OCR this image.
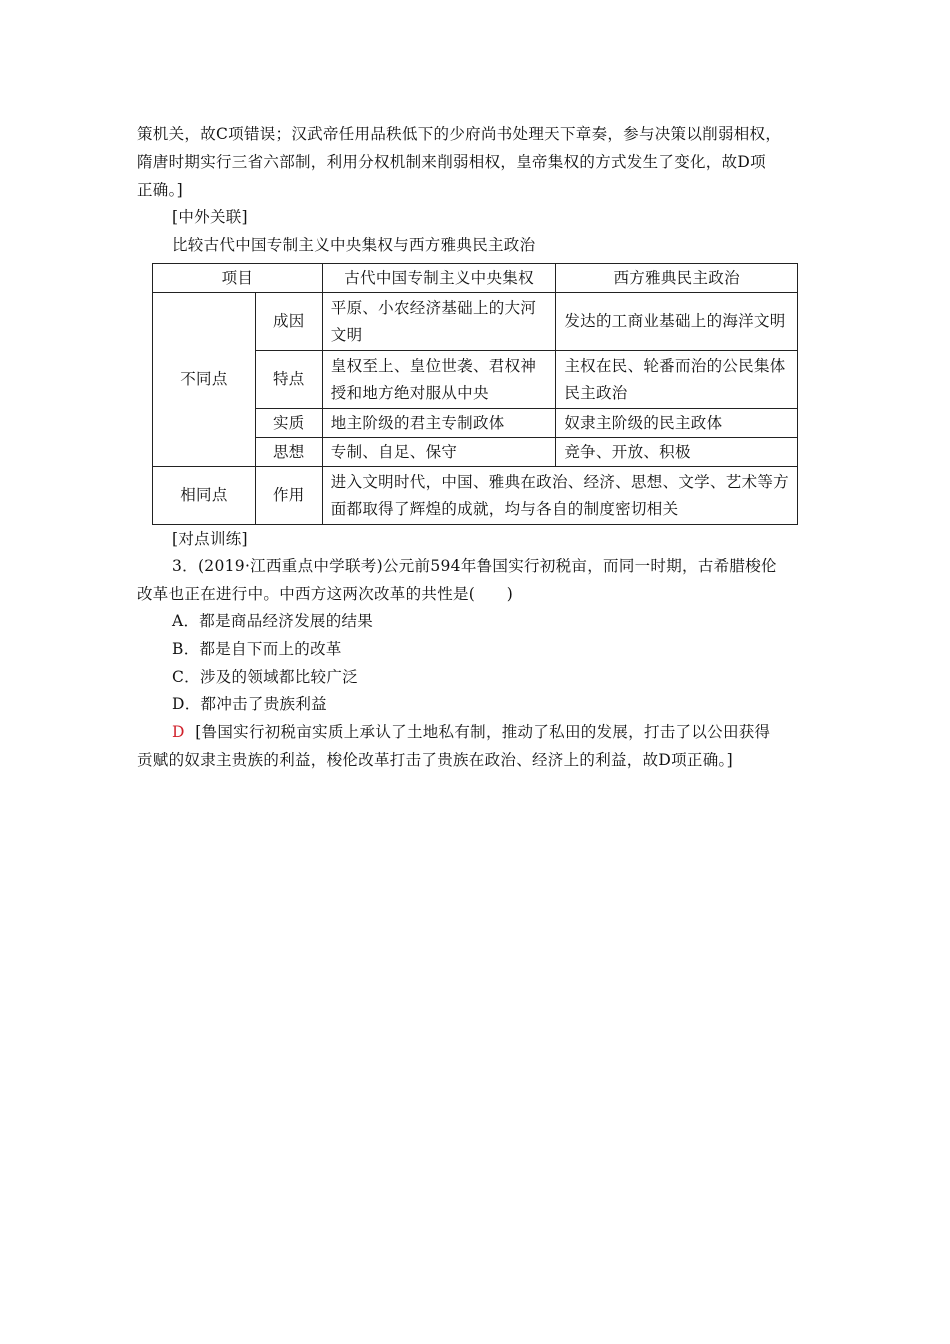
策机关，故C项错误；汉武帝任用品秩低下的少府尚书处理天下章奏，参与决策以削弱相权，
隋唐时期实行三省六部制，利用分权机制来削弱相权，皇帝集权的方式发生了变化，故D项
正确。]
[中外关联]
比较古代中国专制主义中央集权与西方雅典民主政治
项目		古代中国专制主义中央集权	西方雅典民主政治
不同点	成因	平原、小农经济基础上的大河文明	发达的工商业基础上的海洋文明
	特点	皇权至上、皇位世袭、君权神授和地方绝对服从中央	主权在民、轮番而治的公民集体民主政治
	实质	地主阶级的君主专制政体	奴隶主阶级的民主政体
	思想	专制、自足、保守	竞争、开放、积极
相同点	作用	进入文明时代，中国、雅典在政治、经济、思想、文学、艺术等方面都取得了辉煌的成就，均与各自的制度密切相关	
[对点训练]
3．(2019·江西重点中学联考)公元前594年鲁国实行初税亩，而同一时期，古希腊梭伦
改革也正在进行中。中西方这两次改革的共性是(　　)
A．都是商品经济发展的结果
B．都是自下而上的改革
C．涉及的领域都比较广泛
D．都冲击了贵族利益
D [鲁国实行初税亩实质上承认了土地私有制，推动了私田的发展，打击了以公田获得
贡赋的奴隶主贵族的利益，梭伦改革打击了贵族在政治、经济上的利益，故D项正确。]
